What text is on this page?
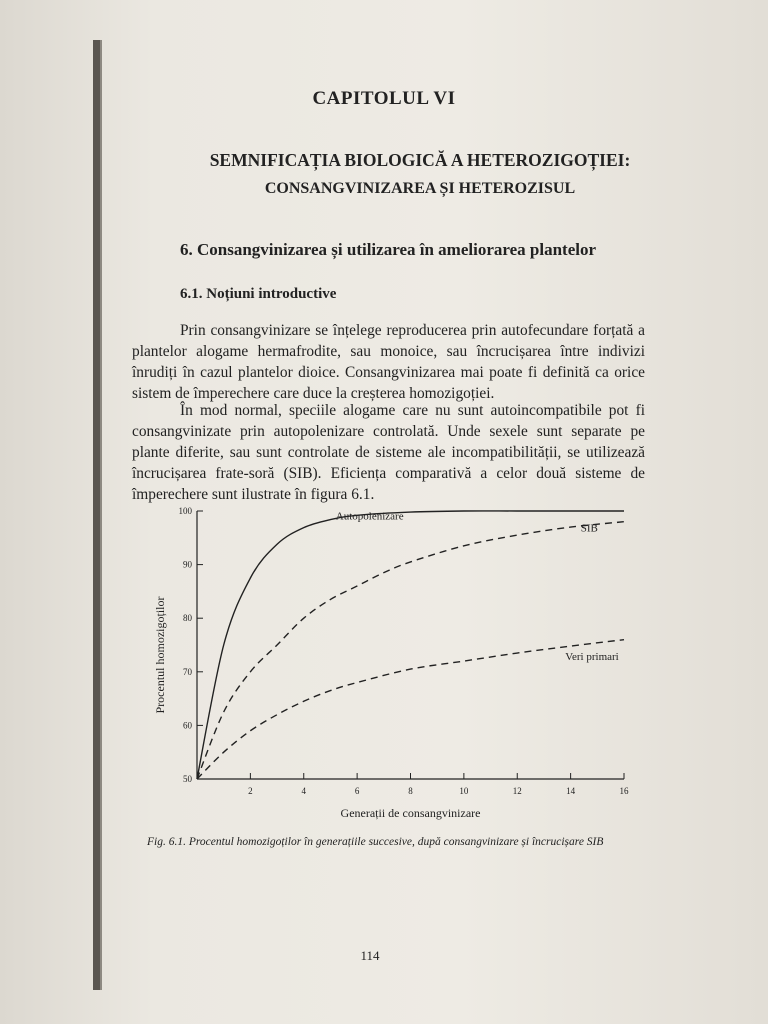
CAPITOLUL VI
SEMNIFICAȚIA BIOLOGICĂ A HETEROZIGOȚIEI:
CONSANGVINIZAREA ȘI HETEROZISUL
6. Consangvinizarea și utilizarea în ameliorarea plantelor
6.1. Noțiuni introductive

Prin consangvinizare se înțelege reproducerea prin autofecundare forțată a plantelor alogame hermafrodite, sau monoice, sau încrucișarea între indivizi înrudiți în cazul plantelor dioice. Consangvinizarea mai poate fi definită ca orice sistem de împerechere care duce la creșterea homozigoției.

În mod normal, speciile alogame care nu sunt autoincompatibile pot fi consangvinizate prin autopolenizare controlată. Unde sexele sunt separate pe plante diferite, sau sunt controlate de sisteme ale incompatibilității, se utilizează încrucișarea frate-soră (SIB). Eficiența comparativă a celor două sisteme de împerechere sunt ilustrate în figura 6.1.

50
60
70
80
90
100
2	4	6	8	10	12	14	16
Autopolenizare
SIB
Veri primari
Generații de consangvinizare
Procentul homozigoților
Fig. 6.1. Procentul homozigoților în generațiile succesive, după consangvinizare și încrucișare SIB
114
